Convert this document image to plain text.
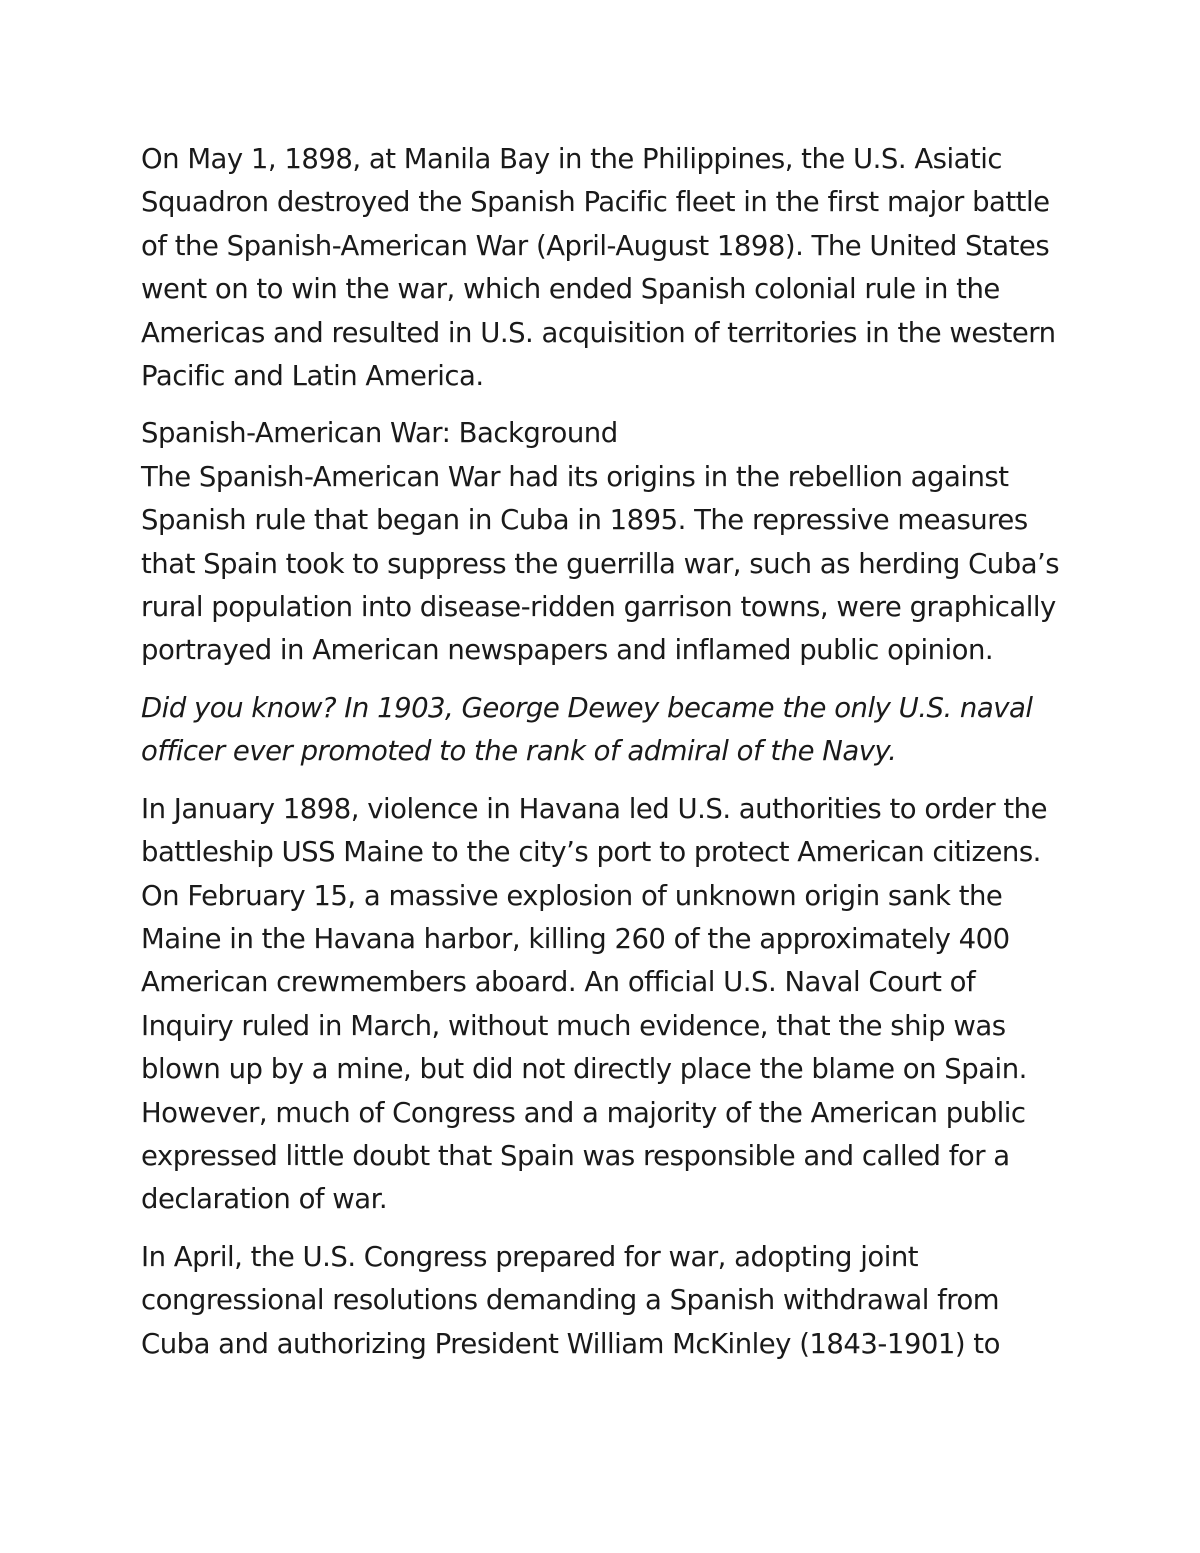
On May 1, 1898, at Manila Bay in the Philippines, the U.S. Asiatic Squadron destroyed the Spanish Pacific fleet in the first major battle of the Spanish-American War (April-August 1898). The United States went on to win the war, which ended Spanish colonial rule in the Americas and resulted in U.S. acquisition of territories in the western Pacific and Latin America.

Spanish-American War: Background
The Spanish-American War had its origins in the rebellion against Spanish rule that began in Cuba in 1895. The repressive measures that Spain took to suppress the guerrilla war, such as herding Cuba’s rural population into disease-ridden garrison towns, were graphically portrayed in American newspapers and inflamed public opinion.

Did you know? In 1903, George Dewey became the only U.S. naval officer ever promoted to the rank of admiral of the Navy.

In January 1898, violence in Havana led U.S. authorities to order the battleship USS Maine to the city’s port to protect American citizens. On February 15, a massive explosion of unknown origin sank the Maine in the Havana harbor, killing 260 of the approximately 400 American crewmembers aboard. An official U.S. Naval Court of Inquiry ruled in March, without much evidence, that the ship was blown up by a mine, but did not directly place the blame on Spain. However, much of Congress and a majority of the American public expressed little doubt that Spain was responsible and called for a declaration of war.

In April, the U.S. Congress prepared for war, adopting joint congressional resolutions demanding a Spanish withdrawal from Cuba and authorizing President William McKinley (1843-1901) to
